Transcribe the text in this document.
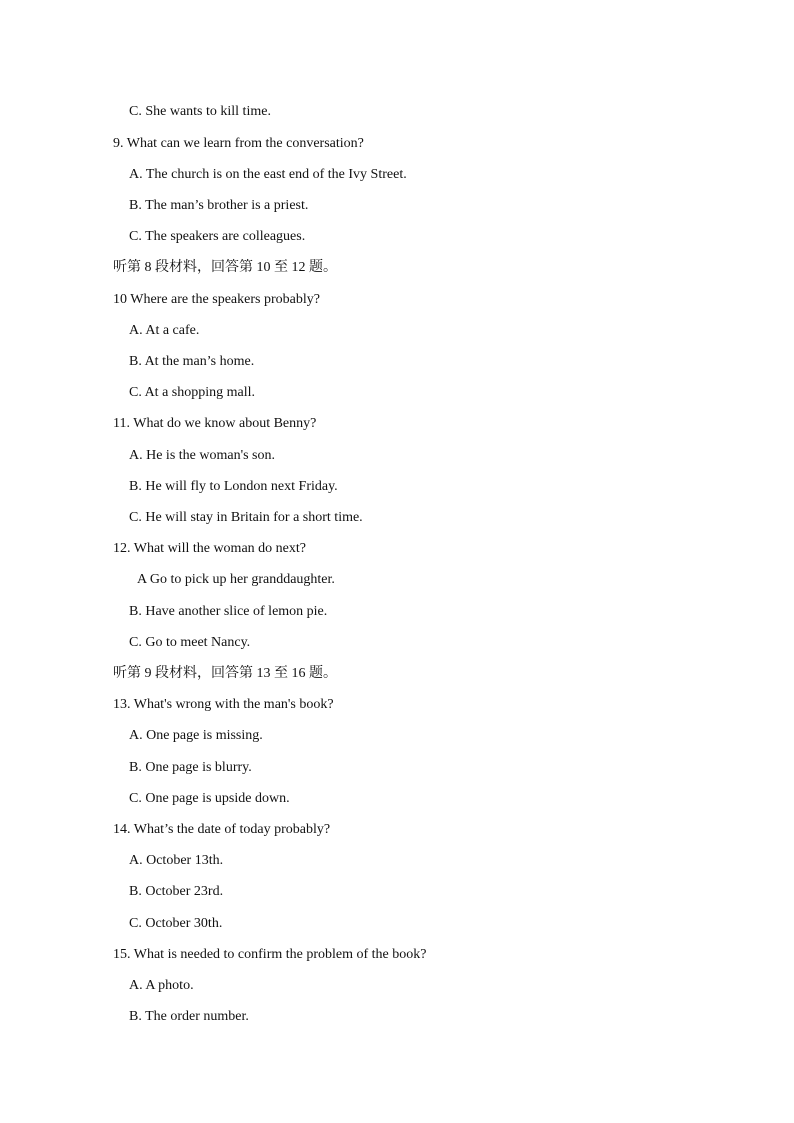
C. She wants to kill time.
9. What can we learn from the conversation?
A. The church is on the east end of the Ivy Street.
B. The man’s brother is a priest.
C. The speakers are colleagues.
听第 8 段材料，回答第 10 至 12 题。
10 Where are the speakers probably?
A. At a cafe.
B. At the man’s home.
C. At a shopping mall.
11. What do we know about Benny?
A. He is the woman's son.
B. He will fly to London next Friday.
C. He will stay in Britain for a short time.
12. What will the woman do next?
A Go to pick up her granddaughter.
B. Have another slice of lemon pie.
C. Go to meet Nancy.
听第 9 段材料，回答第 13 至 16 题。
13. What's wrong with the man's book?
A. One page is missing.
B. One page is blurry.
C. One page is upside down.
14. What’s the date of today probably?
A. October 13th.
B. October 23rd.
C. October 30th.
15. What is needed to confirm the problem of the book?
A. A photo.
B. The order number.
